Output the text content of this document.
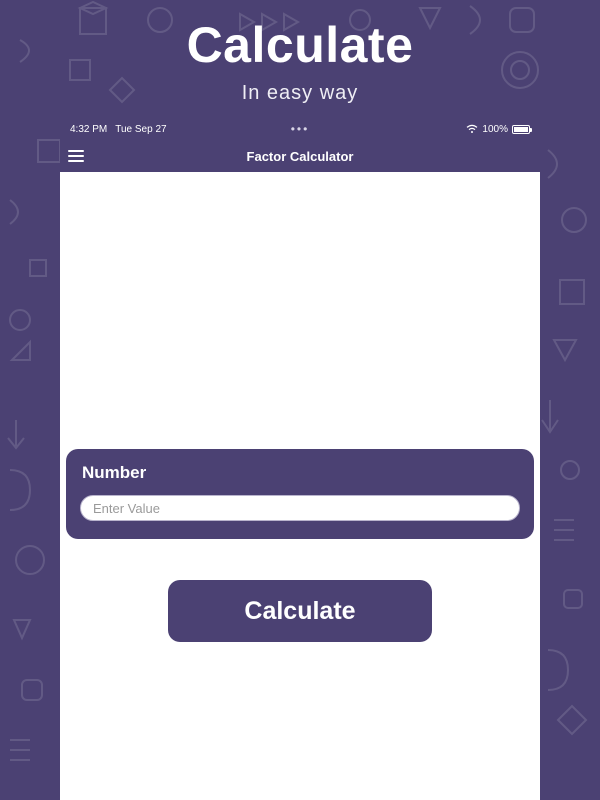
Calculate
In easy way
4:32 PM Tue Sep 27	•••	100%
Factor Calculator
Number
Enter Value
Calculate
